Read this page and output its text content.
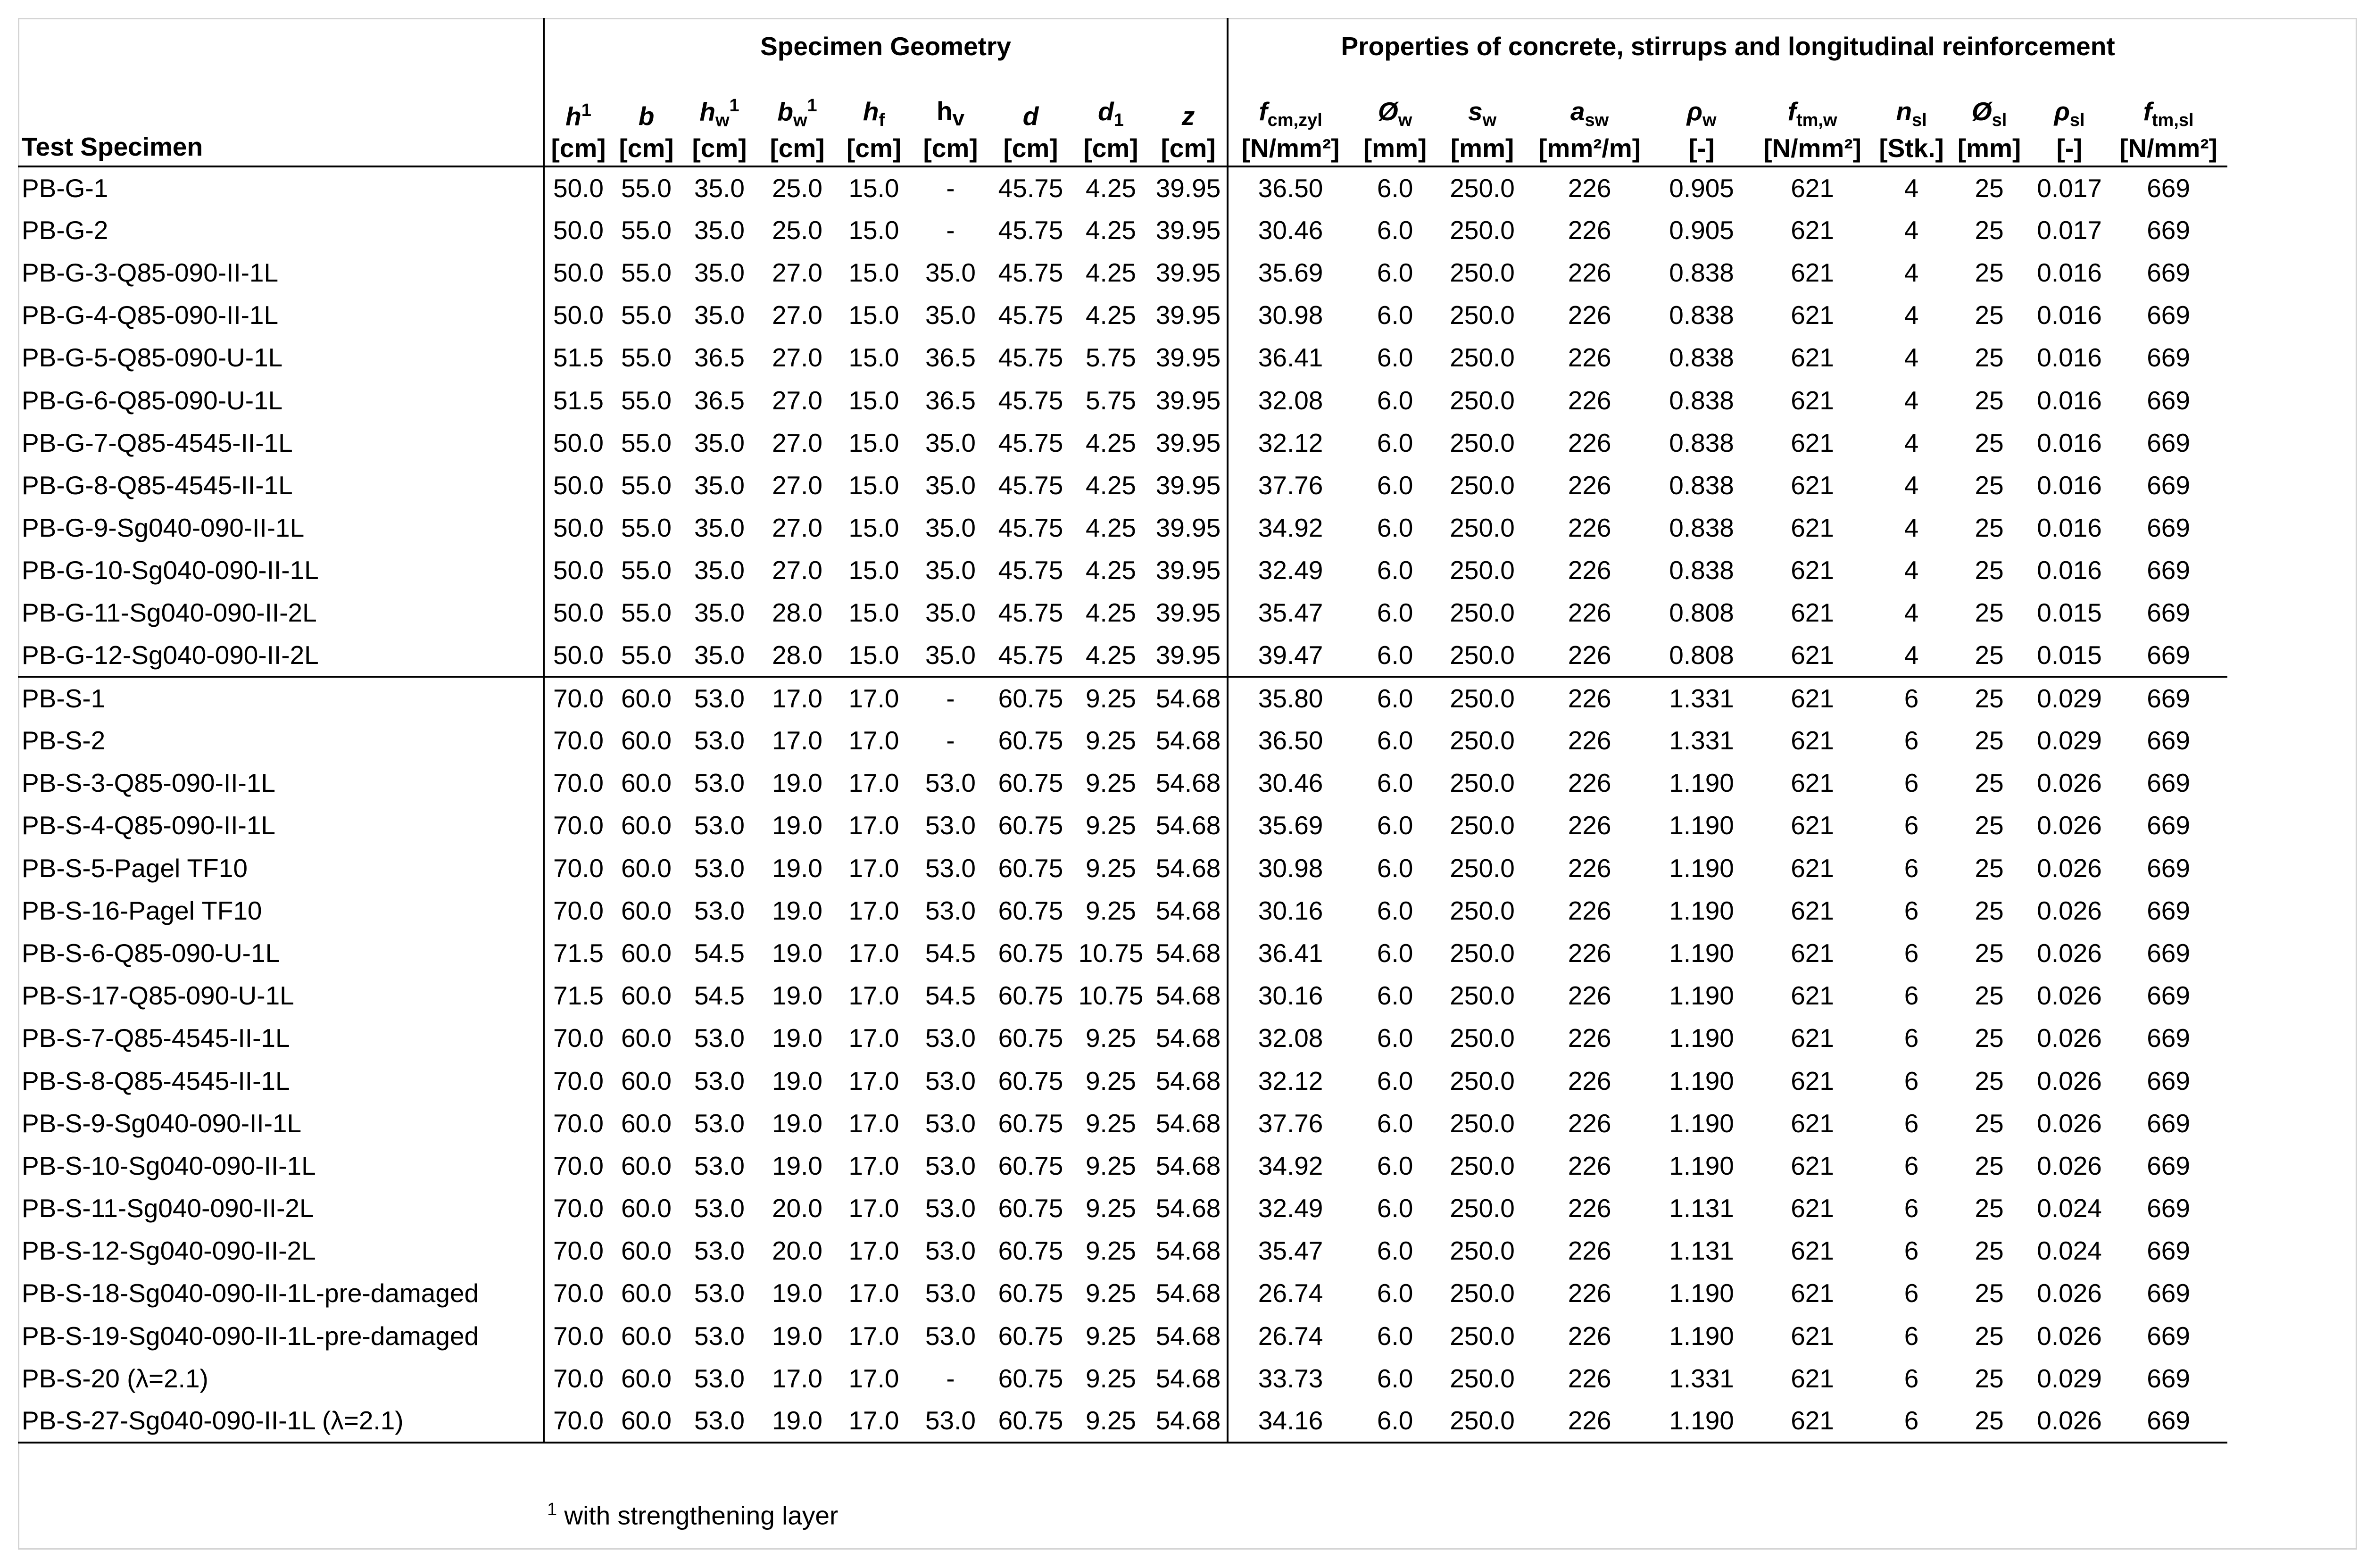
Test Specimen	Specimen Geometry									Properties of concrete, stirrups and longitudinal reinforcement									
	$h^1$	b	$h_w^1$	$b_w^1$	$h_f$	$h_v$	d	$d_1$	z	$f_{cm,zyl}$	$Ø_w$	$s_w$	$a_{sw}$	$\rho_w$	$f_{tm,w}$	$n_{sl}$	$Ø_{sl}$	$\rho_{sl}$	$f_{tm,sl}$
	[cm]	[cm]	[cm]	[cm]	[cm]	[cm]	[cm]	[cm]	[cm]	[N/mm²]	[mm]	[mm]	[mm²/m]	[-]	[N/mm²]	[Stk.]	[mm]	[-]	[N/mm²]
PB-G-1	50.0	55.0	35.0	25.0	15.0	-	45.75	4.25	39.95	36.50	6.0	250.0	226	0.905	621	4	25	0.017	669
PB-G-2	50.0	55.0	35.0	25.0	15.0	-	45.75	4.25	39.95	30.46	6.0	250.0	226	0.905	621	4	25	0.017	669
PB-G-3-Q85-090-II-1L	50.0	55.0	35.0	27.0	15.0	35.0	45.75	4.25	39.95	35.69	6.0	250.0	226	0.838	621	4	25	0.016	669
PB-G-4-Q85-090-II-1L	50.0	55.0	35.0	27.0	15.0	35.0	45.75	4.25	39.95	30.98	6.0	250.0	226	0.838	621	4	25	0.016	669
PB-G-5-Q85-090-U-1L	51.5	55.0	36.5	27.0	15.0	36.5	45.75	5.75	39.95	36.41	6.0	250.0	226	0.838	621	4	25	0.016	669
PB-G-6-Q85-090-U-1L	51.5	55.0	36.5	27.0	15.0	36.5	45.75	5.75	39.95	32.08	6.0	250.0	226	0.838	621	4	25	0.016	669
PB-G-7-Q85-4545-II-1L	50.0	55.0	35.0	27.0	15.0	35.0	45.75	4.25	39.95	32.12	6.0	250.0	226	0.838	621	4	25	0.016	669
PB-G-8-Q85-4545-II-1L	50.0	55.0	35.0	27.0	15.0	35.0	45.75	4.25	39.95	37.76	6.0	250.0	226	0.838	621	4	25	0.016	669
PB-G-9-Sg040-090-II-1L	50.0	55.0	35.0	27.0	15.0	35.0	45.75	4.25	39.95	34.92	6.0	250.0	226	0.838	621	4	25	0.016	669
PB-G-10-Sg040-090-II-1L	50.0	55.0	35.0	27.0	15.0	35.0	45.75	4.25	39.95	32.49	6.0	250.0	226	0.838	621	4	25	0.016	669
PB-G-11-Sg040-090-II-2L	50.0	55.0	35.0	28.0	15.0	35.0	45.75	4.25	39.95	35.47	6.0	250.0	226	0.808	621	4	25	0.015	669
PB-G-12-Sg040-090-II-2L	50.0	55.0	35.0	28.0	15.0	35.0	45.75	4.25	39.95	39.47	6.0	250.0	226	0.808	621	4	25	0.015	669
PB-S-1	70.0	60.0	53.0	17.0	17.0	-	60.75	9.25	54.68	35.80	6.0	250.0	226	1.331	621	6	25	0.029	669
PB-S-2	70.0	60.0	53.0	17.0	17.0	-	60.75	9.25	54.68	36.50	6.0	250.0	226	1.331	621	6	25	0.029	669
PB-S-3-Q85-090-II-1L	70.0	60.0	53.0	19.0	17.0	53.0	60.75	9.25	54.68	30.46	6.0	250.0	226	1.190	621	6	25	0.026	669
PB-S-4-Q85-090-II-1L	70.0	60.0	53.0	19.0	17.0	53.0	60.75	9.25	54.68	35.69	6.0	250.0	226	1.190	621	6	25	0.026	669
PB-S-5-Pagel TF10	70.0	60.0	53.0	19.0	17.0	53.0	60.75	9.25	54.68	30.98	6.0	250.0	226	1.190	621	6	25	0.026	669
PB-S-16-Pagel TF10	70.0	60.0	53.0	19.0	17.0	53.0	60.75	9.25	54.68	30.16	6.0	250.0	226	1.190	621	6	25	0.026	669
PB-S-6-Q85-090-U-1L	71.5	60.0	54.5	19.0	17.0	54.5	60.75	10.75	54.68	36.41	6.0	250.0	226	1.190	621	6	25	0.026	669
PB-S-17-Q85-090-U-1L	71.5	60.0	54.5	19.0	17.0	54.5	60.75	10.75	54.68	30.16	6.0	250.0	226	1.190	621	6	25	0.026	669
PB-S-7-Q85-4545-II-1L	70.0	60.0	53.0	19.0	17.0	53.0	60.75	9.25	54.68	32.08	6.0	250.0	226	1.190	621	6	25	0.026	669
PB-S-8-Q85-4545-II-1L	70.0	60.0	53.0	19.0	17.0	53.0	60.75	9.25	54.68	32.12	6.0	250.0	226	1.190	621	6	25	0.026	669
PB-S-9-Sg040-090-II-1L	70.0	60.0	53.0	19.0	17.0	53.0	60.75	9.25	54.68	37.76	6.0	250.0	226	1.190	621	6	25	0.026	669
PB-S-10-Sg040-090-II-1L	70.0	60.0	53.0	19.0	17.0	53.0	60.75	9.25	54.68	34.92	6.0	250.0	226	1.190	621	6	25	0.026	669
PB-S-11-Sg040-090-II-2L	70.0	60.0	53.0	20.0	17.0	53.0	60.75	9.25	54.68	32.49	6.0	250.0	226	1.131	621	6	25	0.024	669
PB-S-12-Sg040-090-II-2L	70.0	60.0	53.0	20.0	17.0	53.0	60.75	9.25	54.68	35.47	6.0	250.0	226	1.131	621	6	25	0.024	669
PB-S-18-Sg040-090-II-1L-pre-damaged	70.0	60.0	53.0	19.0	17.0	53.0	60.75	9.25	54.68	26.74	6.0	250.0	226	1.190	621	6	25	0.026	669
PB-S-19-Sg040-090-II-1L-pre-damaged	70.0	60.0	53.0	19.0	17.0	53.0	60.75	9.25	54.68	26.74	6.0	250.0	226	1.190	621	6	25	0.026	669
PB-S-20 (λ=2.1)	70.0	60.0	53.0	17.0	17.0	-	60.75	9.25	54.68	33.73	6.0	250.0	226	1.331	621	6	25	0.029	669
PB-S-27-Sg040-090-II-1L (λ=2.1)	70.0	60.0	53.0	19.0	17.0	53.0	60.75	9.25	54.68	34.16	6.0	250.0	226	1.190	621	6	25	0.026	669
$^1$ with strengthening layer
